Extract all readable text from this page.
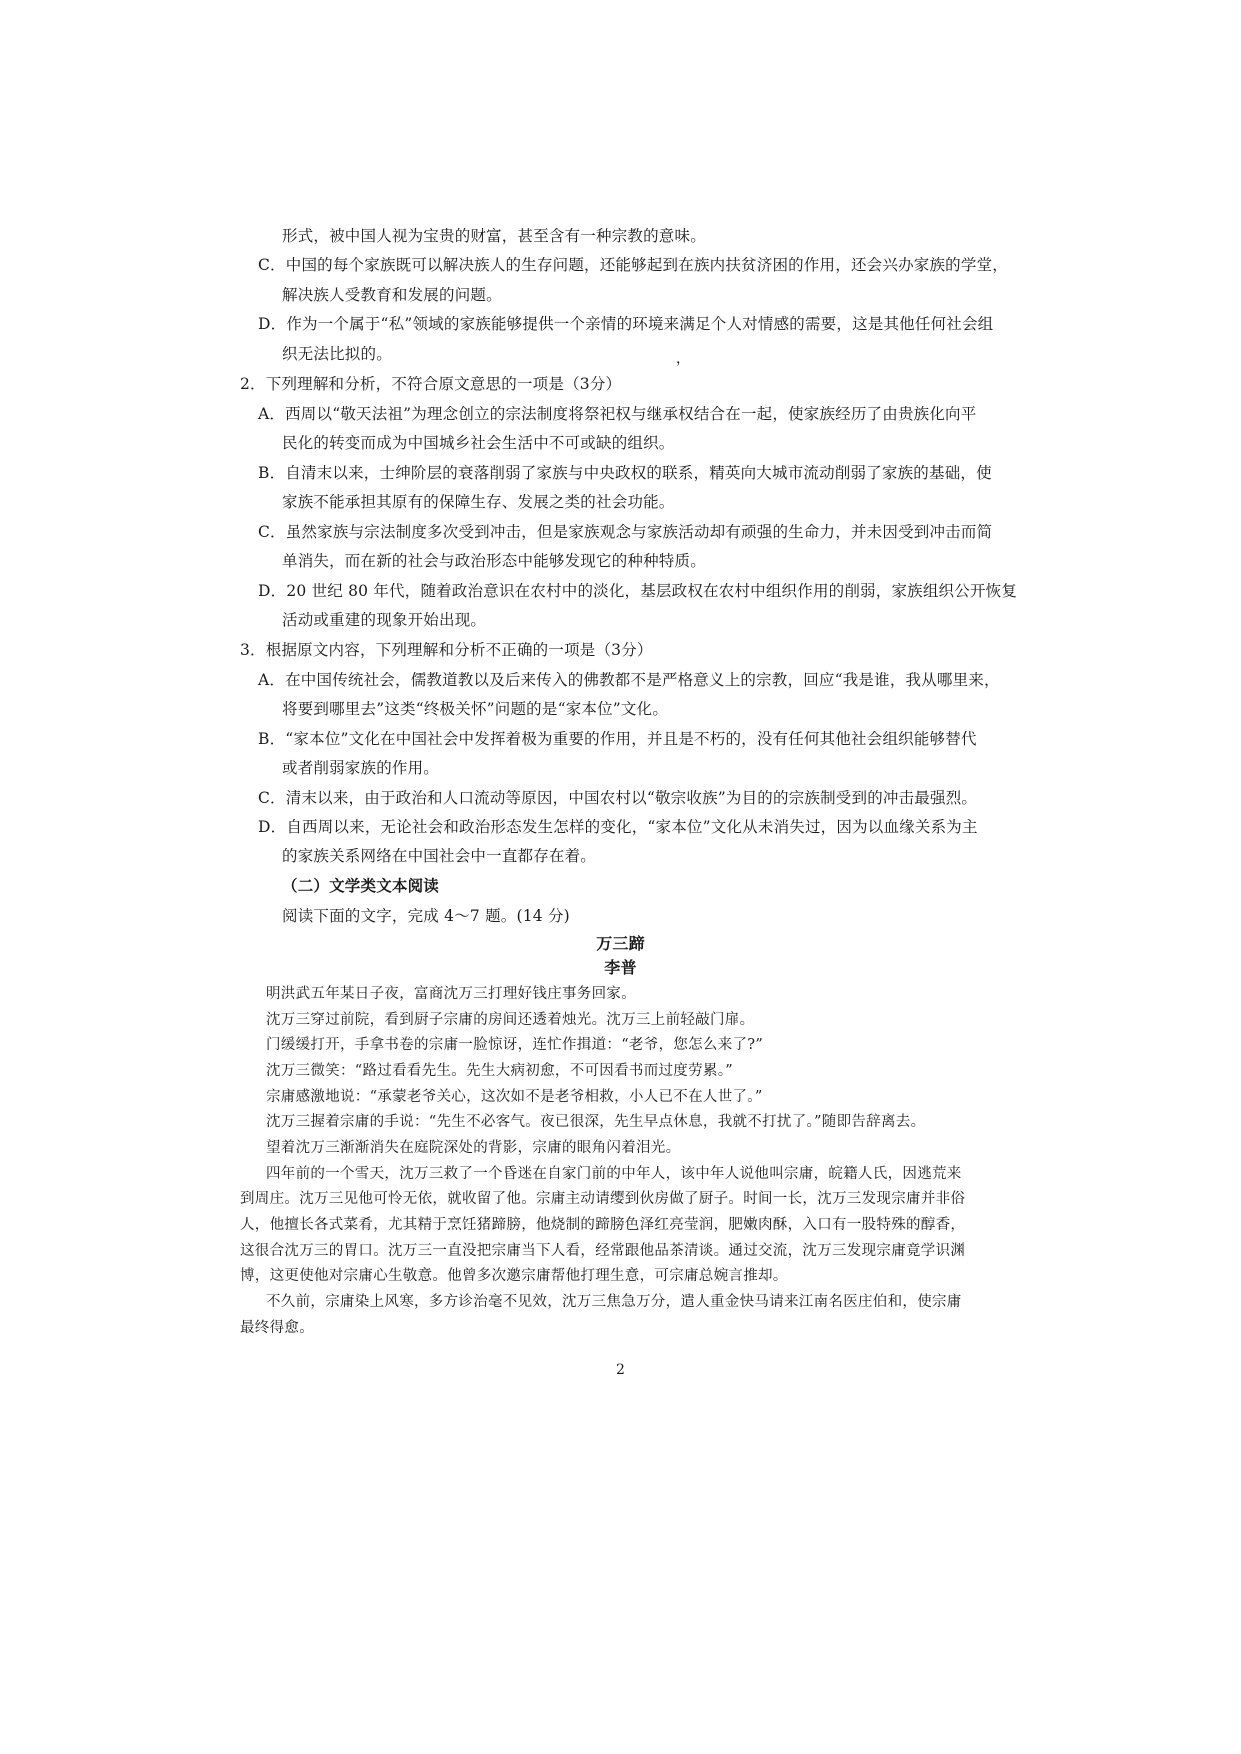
形式，被中国人视为宝贵的财富，甚至含有一种宗教的意味。
C．中国的每个家族既可以解决族人的生存问题，还能够起到在族内扶贫济困的作用，还会兴办家族的学堂，
解决族人受教育和发展的问题。
D．作为一个属于“私”领域的家族能够提供一个亲情的环境来满足个人对情感的需要，这是其他任何社会组
织无法比拟的。	，
2．下列理解和分析，不符合原文意思的一项是（3分）
A．西周以“敬天法祖”为理念创立的宗法制度将祭祀权与继承权结合在一起，使家族经历了由贵族化向平
民化的转变而成为中国城乡社会生活中不可或缺的组织。
B．自清末以来，士绅阶层的衰落削弱了家族与中央政权的联系，精英向大城市流动削弱了家族的基础，使
家族不能承担其原有的保障生存、发展之类的社会功能。
C．虽然家族与宗法制度多次受到冲击，但是家族观念与家族活动却有顽强的生命力，并未因受到冲击而简
单消失，而在新的社会与政治形态中能够发现它的种种特质。
D．20 世纪 80 年代，随着政治意识在农村中的淡化，基层政权在农村中组织作用的削弱，家族组织公开恢复
活动或重建的现象开始出现。
3．根据原文内容，下列理解和分析不正确的一项是（3分）
A．在中国传统社会，儒教道教以及后来传入的佛教都不是严格意义上的宗教，回应“我是谁，我从哪里来，
将要到哪里去”这类“终极关怀”问题的是“家本位”文化。
B．“家本位”文化在中国社会中发挥着极为重要的作用，并且是不朽的，没有任何其他社会组织能够替代
或者削弱家族的作用。
C．清末以来，由于政治和人口流动等原因，中国农村以“敬宗收族”为目的的宗族制受到的冲击最强烈。
D．自西周以来，无论社会和政治形态发生怎样的变化，“家本位”文化从未消失过，因为以血缘关系为主
的家族关系网络在中国社会中一直都存在着。
（二）文学类文本阅读
阅读下面的文字，完成 4～7 题。(14 分)
万三蹄
李普
明洪武五年某日子夜，富商沈万三打理好钱庄事务回家。
沈万三穿过前院，看到厨子宗庸的房间还透着烛光。沈万三上前轻敲门扉。
门缓缓打开，手拿书卷的宗庸一脸惊讶，连忙作揖道：“老爷，您怎么来了?”
沈万三微笑：“路过看看先生。先生大病初愈，不可因看书而过度劳累。”
宗庸感激地说：“承蒙老爷关心，这次如不是老爷相救，小人已不在人世了。”
沈万三握着宗庸的手说：“先生不必客气。夜已很深，先生早点休息，我就不打扰了。”随即告辞离去。
望着沈万三渐渐消失在庭院深处的背影，宗庸的眼角闪着泪光。
四年前的一个雪天，沈万三救了一个昏迷在自家门前的中年人，该中年人说他叫宗庸，皖籍人氏，因逃荒来
到周庄。沈万三见他可怜无依，就收留了他。宗庸主动请缨到伙房做了厨子。时间一长，沈万三发现宗庸并非俗
人，他擅长各式菜肴，尤其精于烹饪猪蹄膀，他烧制的蹄膀色泽红亮莹润，肥嫩肉酥，入口有一股特殊的醇香，
这很合沈万三的胃口。沈万三一直没把宗庸当下人看，经常跟他品茶清谈。通过交流，沈万三发现宗庸竟学识渊
博，这更使他对宗庸心生敬意。他曾多次邀宗庸帮他打理生意，可宗庸总婉言推却。
不久前，宗庸染上风寒，多方诊治毫不见效，沈万三焦急万分，遣人重金快马请来江南名医庄伯和，使宗庸
最终得愈。
2
